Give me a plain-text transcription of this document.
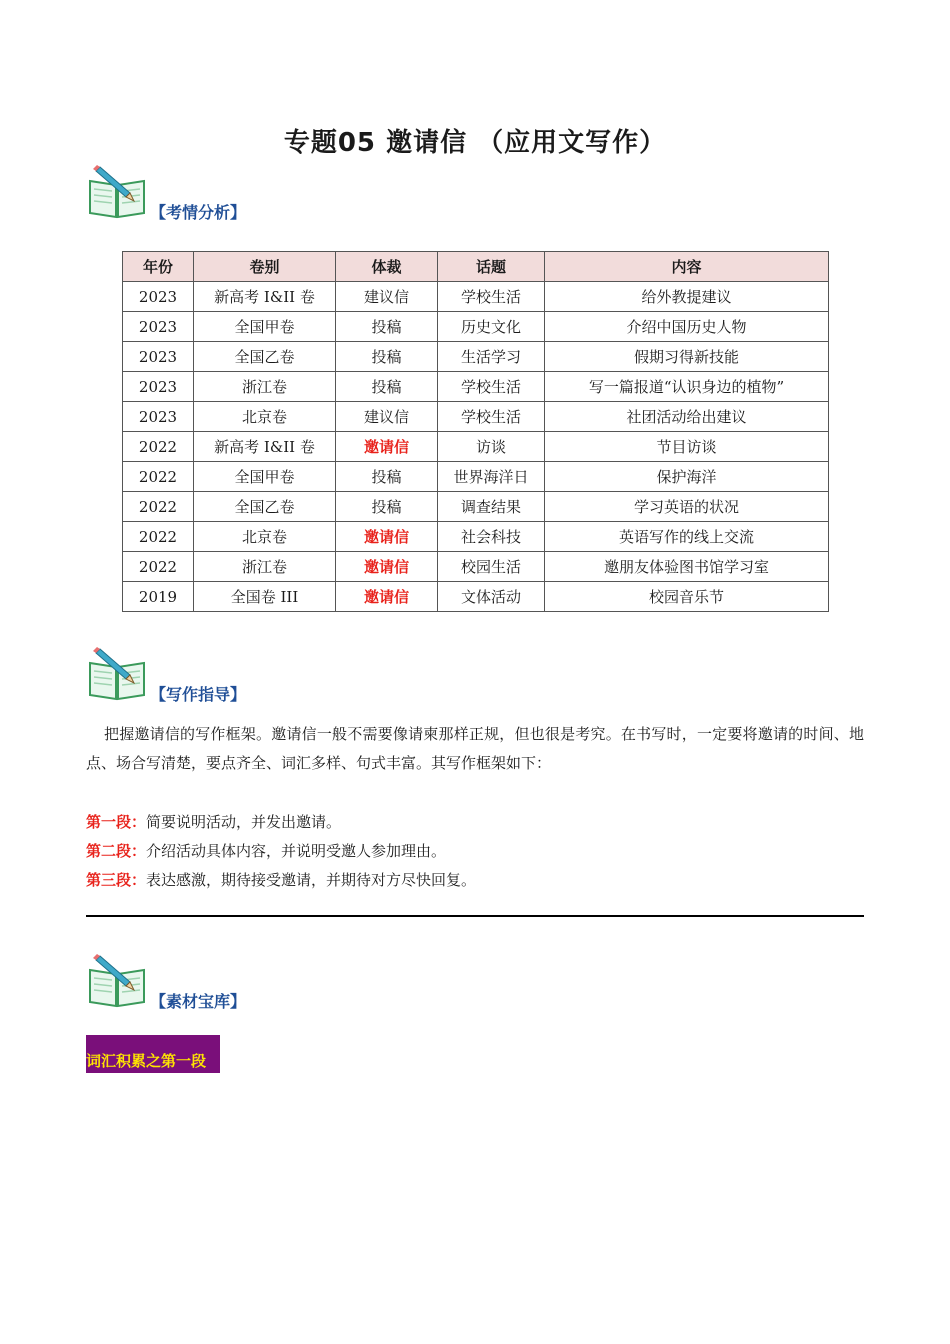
专题05 邀请信 （应用文写作）
【考情分析】
年份	卷别	体裁	话题	内容
2023	新高考 I&II 卷	建议信	学校生活	给外教提建议
2023	全国甲卷	投稿	历史文化	介绍中国历史人物
2023	全国乙卷	投稿	生活学习	假期习得新技能
2023	浙江卷	投稿	学校生活	写一篇报道“认识身边的植物”
2023	北京卷	建议信	学校生活	社团活动给出建议
2022	新高考 I&II 卷	邀请信	访谈	节目访谈
2022	全国甲卷	投稿	世界海洋日	保护海洋
2022	全国乙卷	投稿	调查结果	学习英语的状况
2022	北京卷	邀请信	社会科技	英语写作的线上交流
2022	浙江卷	邀请信	校园生活	邀朋友体验图书馆学习室
2019	全国卷 III	邀请信	文体活动	校园音乐节
【写作指导】
把握邀请信的写作框架。邀请信一般不需要像请柬那样正规，但也很是考究。在书写时，一定要将邀请的时间、地点、场合写清楚，要点齐全、词汇多样、句式丰富。其写作框架如下：
第一段：简要说明活动，并发出邀请。
第二段：介绍活动具体内容，并说明受邀人参加理由。
第三段：表达感激，期待接受邀请，并期待对方尽快回复。
【素材宝库】
词汇积累之第一段
